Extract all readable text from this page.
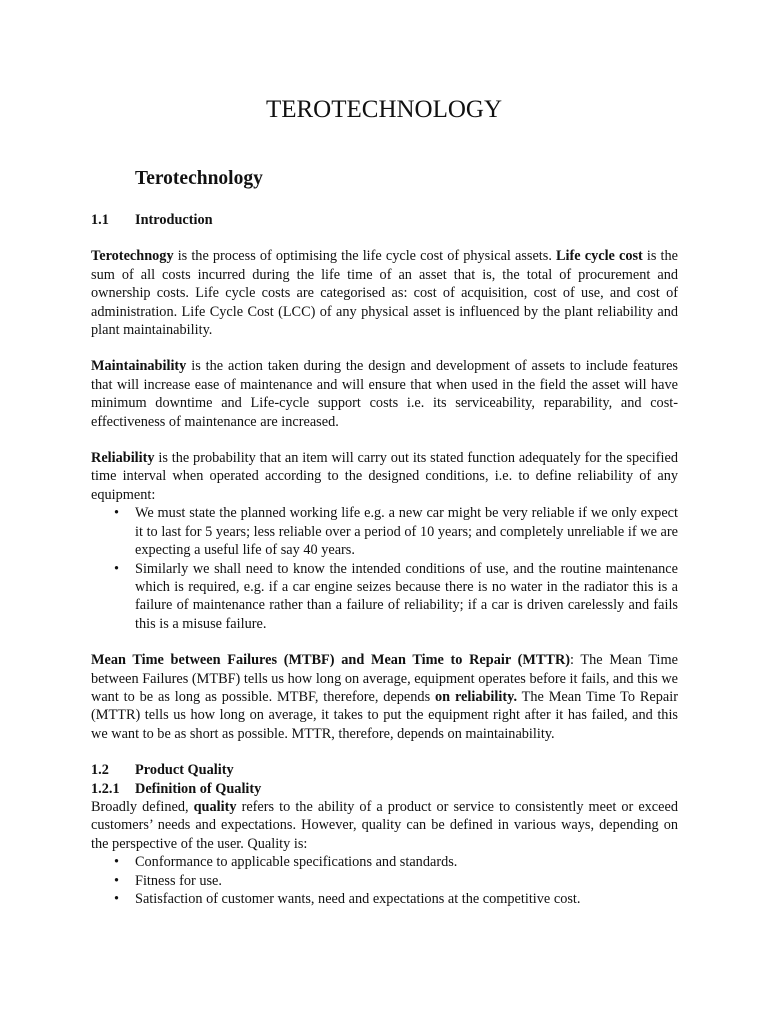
TEROTECHNOLOGY
Terotechnology
1.1 Introduction

Terotechnogy is the process of optimising the life cycle cost of physical assets. Life cycle cost is the sum of all costs incurred during the life time of an asset that is, the total of procurement and ownership costs. Life cycle costs are categorised as: cost of acquisition, cost of use, and cost of administration. Life Cycle Cost (LCC) of any physical asset is influenced by the plant reliability and plant maintainability.

Maintainability is the action taken during the design and development of assets to include features that will increase ease of maintenance and will ensure that when used in the field the asset will have minimum downtime and Life-cycle support costs i.e. its serviceability, reparability, and cost-effectiveness of maintenance are increased.

Reliability is the probability that an item will carry out its stated function adequately for the specified time interval when operated according to the designed conditions, i.e. to define reliability of any equipment:

• We must state the planned working life e.g. a new car might be very reliable if we only expect it to last for 5 years; less reliable over a period of 10 years; and completely unreliable if we are expecting a useful life of say 40 years.
• Similarly we shall need to know the intended conditions of use, and the routine maintenance which is required, e.g. if a car engine seizes because there is no water in the radiator this is a failure of maintenance rather than a failure of reliability; if a car is driven carelessly and fails this is a misuse failure.

Mean Time between Failures (MTBF) and Mean Time to Repair (MTTR): The Mean Time between Failures (MTBF) tells us how long on average, equipment operates before it fails, and this we want to be as long as possible. MTBF, therefore, depends on reliability. The Mean Time To Repair (MTTR) tells us how long on average, it takes to put the equipment right after it has failed, and this we want to be as short as possible. MTTR, therefore, depends on maintainability.

1.2 Product Quality
1.2.1 Definition of Quality

Broadly defined, quality refers to the ability of a product or service to consistently meet or exceed customers’ needs and expectations. However, quality can be defined in various ways, depending on the perspective of the user. Quality is:

• Conformance to applicable specifications and standards.
• Fitness for use.
• Satisfaction of customer wants, need and expectations at the competitive cost.
